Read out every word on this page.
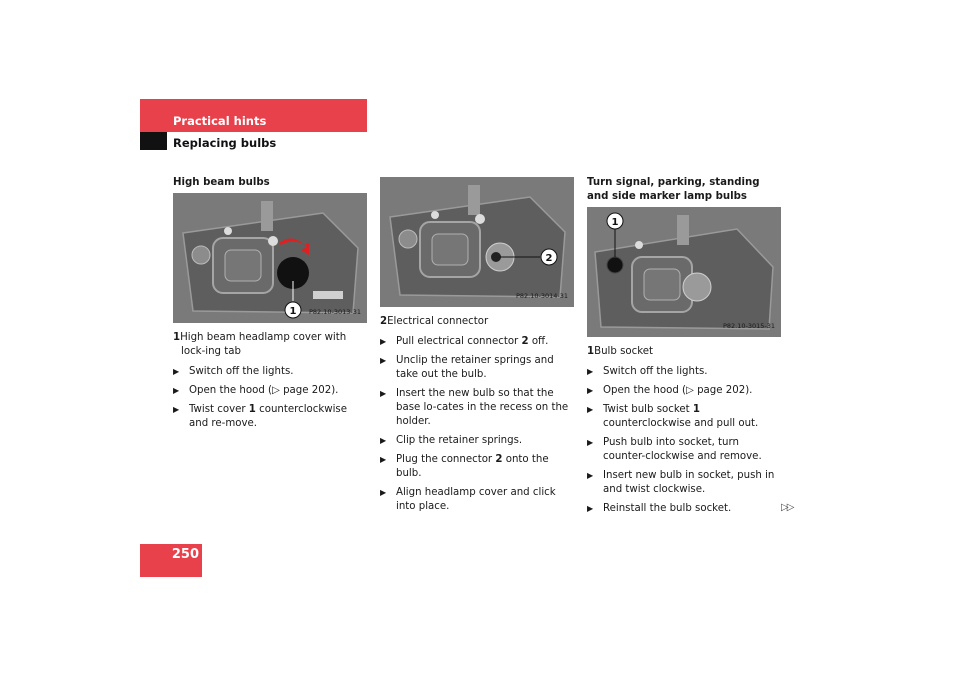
Practical hints
Replacing bulbs

High beam bulbs

1 P82.10-3013-31

1High beam headlamp cover with lock-ing tab

▶ Switch off the lights.
▶ Open the hood (▷ page 202).
▶ Twist cover 1 counterclockwise and re-move.
2
P82.10-3014-31

2Electrical connector

▶ Pull electrical connector 2 off.
▶ Unclip the retainer springs and take out the bulb.
▶ Insert the new bulb so that the base lo-cates in the recess on the holder.
▶ Clip the retainer springs.
▶ Plug the connector 2 onto the bulb.
▶ Align headlamp cover and click into place.

Turn signal, parking, standing and side marker lamp bulbs

1
P82.10-3015-31

1Bulb socket

▶ Switch off the lights.
▶ Open the hood (▷ page 202).
▶ Twist bulb socket 1 counterclockwise and pull out.
▶ Push bulb into socket, turn counter-clockwise and remove.
▶ Insert new bulb in socket, push in and twist clockwise.
▶ Reinstall the bulb socket.	▷▷
250
